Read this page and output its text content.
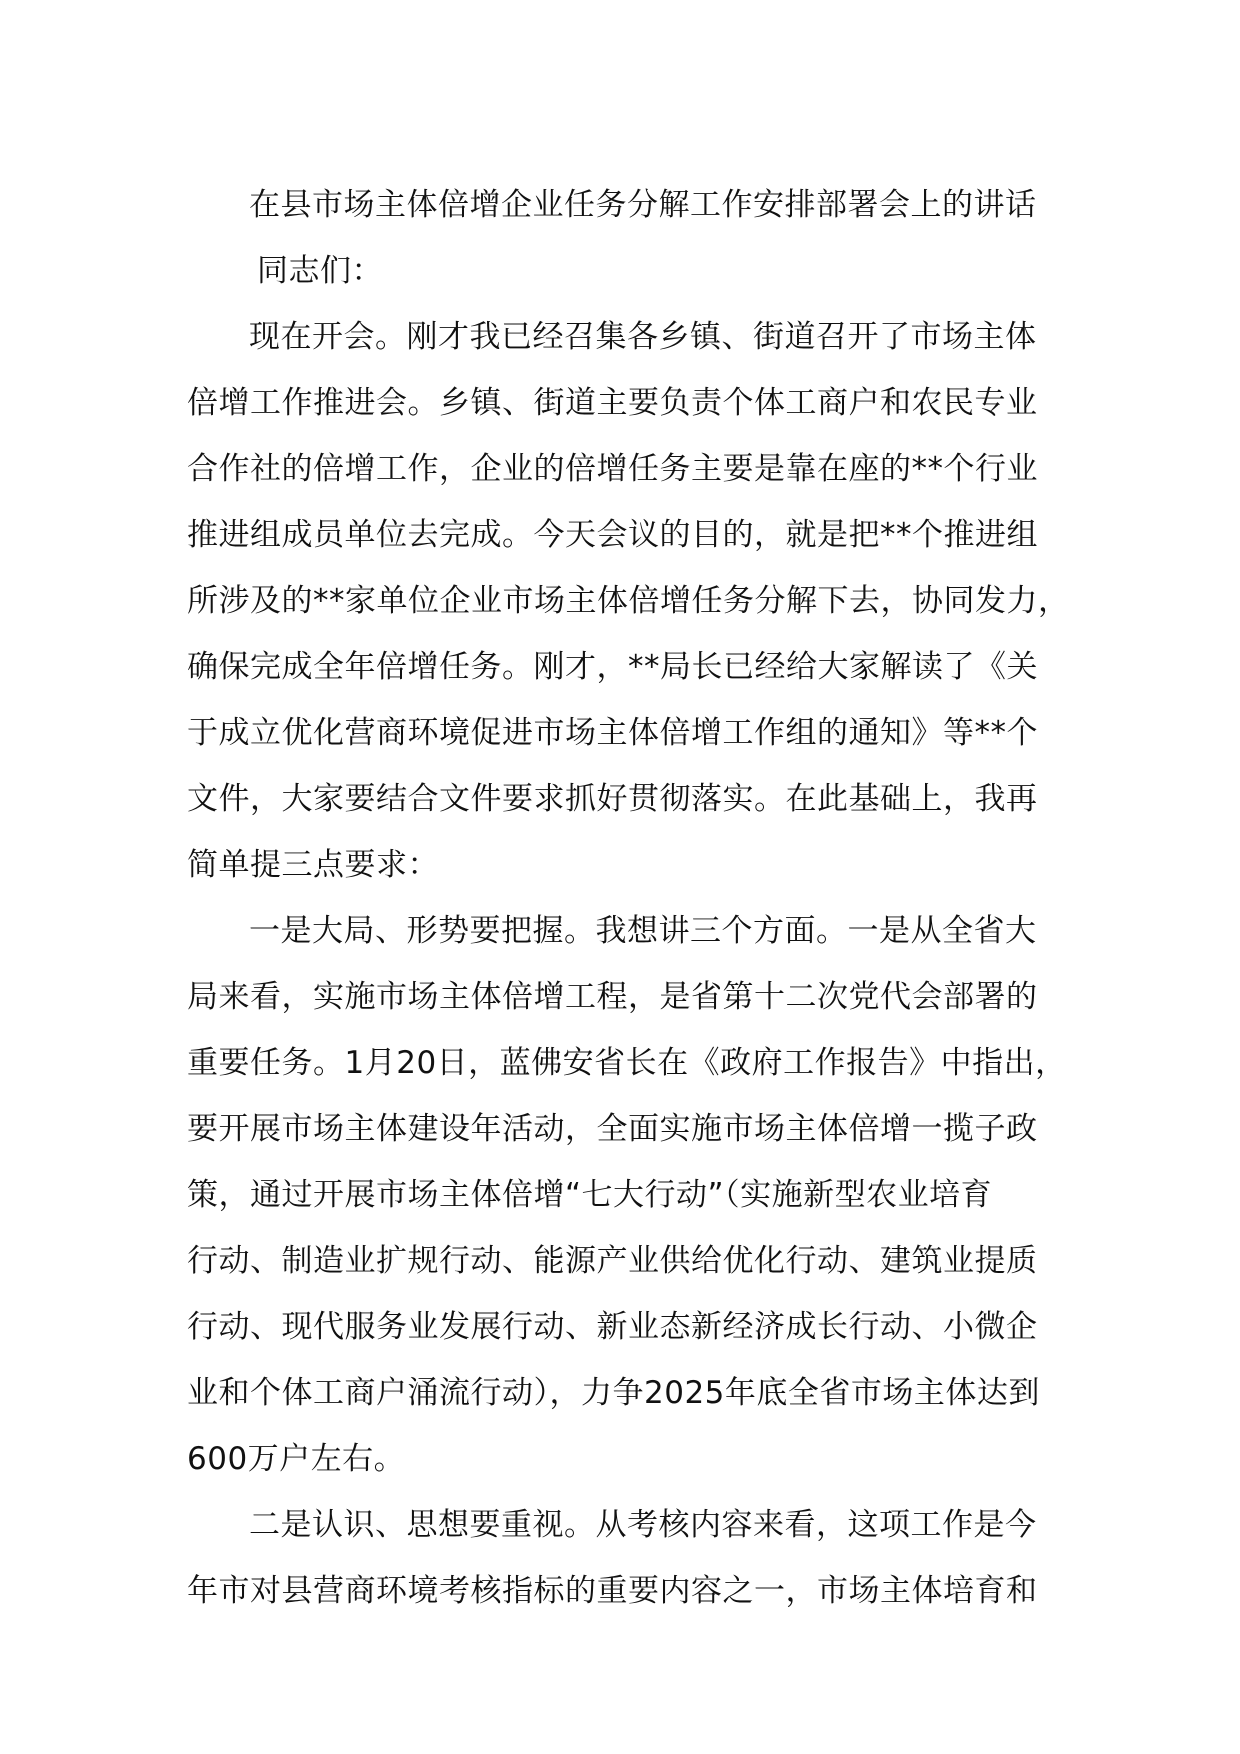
在县市场主体倍增企业任务分解工作安排部署会上的讲话

同志们：

现在开会。刚才我已经召集各乡镇、街道召开了市场主体
倍增工作推进会。乡镇、街道主要负责个体工商户和农民专业
合作社的倍增工作，企业的倍增任务主要是靠在座的**个行业
推进组成员单位去完成。今天会议的目的，就是把**个推进组
所涉及的**家单位企业市场主体倍增任务分解下去，协同发力，
确保完成全年倍增任务。刚才，**局长已经给大家解读了《关
于成立优化营商环境促进市场主体倍增工作组的通知》等**个
文件，大家要结合文件要求抓好贯彻落实。在此基础上，我再
简单提三点要求：
一是大局、形势要把握。我想讲三个方面。一是从全省大
局来看，实施市场主体倍增工程，是省第十二次党代会部署的
重要任务。1月20日，蓝佛安省长在《政府工作报告》中指出，
要开展市场主体建设年活动，全面实施市场主体倍增一揽子政
策，通过开展市场主体倍增“七大行动”（实施新型农业培育
行动、制造业扩规行动、能源产业供给优化行动、建筑业提质
行动、现代服务业发展行动、新业态新经济成长行动、小微企
业和个体工商户涌流行动），力争2025年底全省市场主体达到
600万户左右。
二是认识、思想要重视。从考核内容来看，这项工作是今
年市对县营商环境考核指标的重要内容之一，市场主体培育和
